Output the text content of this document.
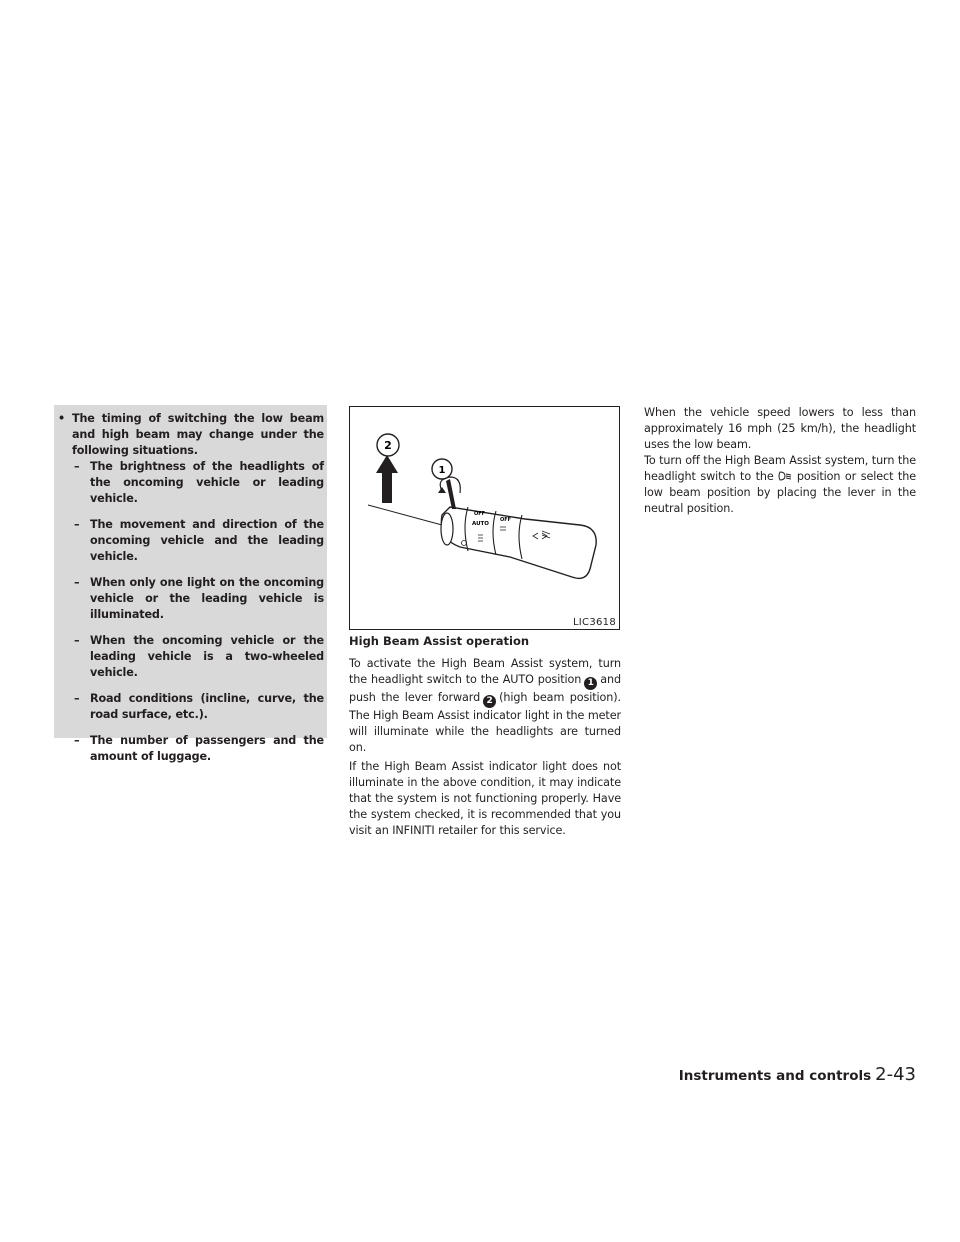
• The timing of switching the low beam and high beam may change under the following situations.
– The brightness of the headlights of the oncoming vehicle or leading vehicle.
– The movement and direction of the oncoming vehicle and the leading vehicle.
– When only one light on the oncoming vehicle or the leading vehicle is illuminated.
– When the oncoming vehicle or the leading vehicle is a two-wheeled vehicle.
– Road conditions (incline, curve, the road surface, etc.).
– The number of passengers and the amount of luggage.
OFF
AUTO
OFF
2
1
LIC3618
High Beam Assist operation

To activate the High Beam Assist system, turn the headlight switch to the AUTO position 1 and push the lever forward 2 (high beam position). The High Beam Assist indicator light in the meter will illuminate while the headlights are turned on.

If the High Beam Assist indicator light does not illuminate in the above condition, it may indicate that the system is not functioning properly. Have the system checked, it is recommended that you visit an INFINITI retailer for this service.

When the vehicle speed lowers to less than approximately 16 mph (25 km/h), the headlight uses the low beam.

To turn off the High Beam Assist system, turn the headlight switch to the position or select the low beam position by placing the lever in the neutral position.

Instruments and controls 2-43
